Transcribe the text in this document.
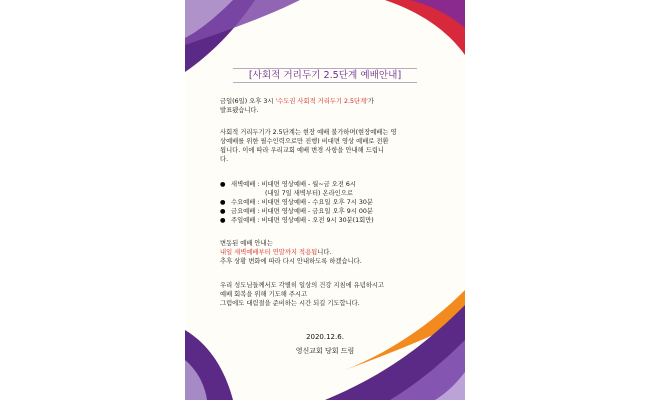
[사회적 거리두기 2.5단계 예배안내]
금일(6일) 오후 3시 '수도권 사회적 거리두기 2.5단계'가
발표됐습니다.
사회적 거리두기가 2.5단계는 현장 예배 불가하며(현장예배는 영
상예배를 위한 필수인력으로만 진행) 비대면 영상 예배로 전환
됩니다. 이에 따라 우리교회 예배 변경 사항을 안내해 드립니
다.
● 새벽예배 : 비대면 영상예배 - 월~금 오전 6시
(내일 7일 새벽부터) 온라인으로
● 수요예배 : 비대면 영상예배 - 수요일 오후 7시 30분
● 금요예배 : 비대면 영상예배 - 금요일 오후 9시 00분
● 주일예배 : 비대면 영상예배 - 오전 9시 30분(1회만)
변동된 예배 안내는
내일 새벽예배부터 연말까지 적용됩니다.
추후 상황 변화에 따라 다시 안내하도록 하겠습니다.
우리 성도님들께서도 각별히 일상의 건강 지침에 유념하시고
예배 회복을 위해 기도해 주시고
그럼에도 대림절을 준비하는 시간 되길 기도합니다.
2020.12.6.
영신교회 당회 드림
